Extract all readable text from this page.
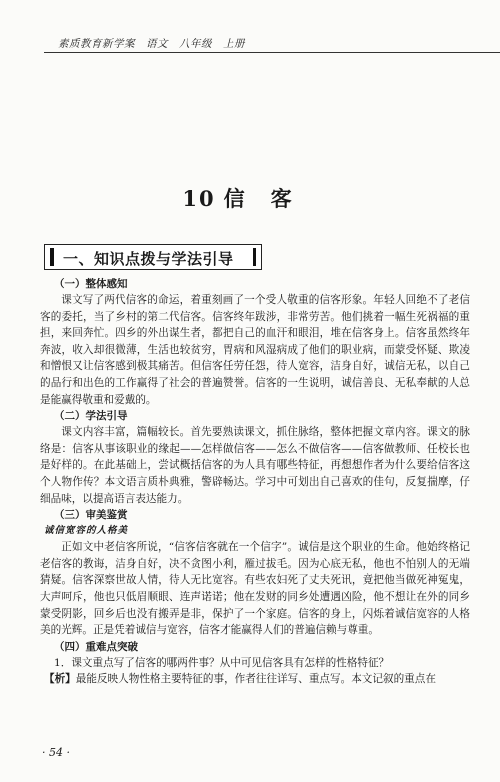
素质教育新学案　语文　八年级　上册
10 信客
一、知识点拨与学法引导
（一）整体感知

课文写了两代信客的命运，着重刻画了一个受人敬重的信客形象。年轻人回绝不了老信客的委托，当了乡村的第二代信客。信客终年跋涉，非常劳苦。他们挑着一幅生死祸福的重担，来回奔忙。四乡的外出谋生者，都把自己的血汗和眼泪，堆在信客身上。信客虽然终年奔波，收入却很微薄，生活也较贫穷，胃病和风湿病成了他们的职业病，而蒙受怀疑、欺凌和憎恨又让信客感到极其痛苦。但信客任劳任怨，待人宽容，洁身自好，诚信无私，以自己的品行和出色的工作赢得了社会的普遍赞誉。信客的一生说明，诚信善良、无私奉献的人总是能赢得敬重和爱戴的。

（二）学法引导

课文内容丰富，篇幅较长。首先要熟读课文，抓住脉络，整体把握文章内容。课文的脉络是：信客从事该职业的缘起——怎样做信客——怎么不做信客——信客做教师、任校长也是好样的。在此基础上，尝试概括信客的为人具有哪些特征，再想想作者为什么要给信客这个人物作传？本文语言质朴典雅，警辟畅达。学习中可划出自己喜欢的佳句，反复揣摩，仔细品味，以提高语言表达能力。

（三）审美鉴赏
诚信宽容的人格美

正如文中老信客所说，“信客信客就在一个信字”。诚信是这个职业的生命。他始终格记老信客的教诲，洁身自好，决不贪图小利，雁过拔毛。因为心底无私，他也不怕别人的无端猜疑。信客深察世故人情，待人无比宽容。有些农妇死了丈夫死讯，竟把他当做死神冤鬼，大声呵斥，他也只低眉顺眼、连声诺诺；他在发财的同乡处遭遇凶险，他不想让在外的同乡蒙受阴影，回乡后也没有搬弄是非，保护了一个家庭。信客的身上，闪烁着诚信宽容的人格美的光辉。正是凭着诚信与宽容，信客才能赢得人们的普遍信赖与尊重。

（四）重难点突破

1．课文重点写了信客的哪两件事？从中可见信客具有怎样的性格特征？

【析】最能反映人物性格主要特征的事，作者往往详写、重点写。本文记叙的重点在

· 54 ·
